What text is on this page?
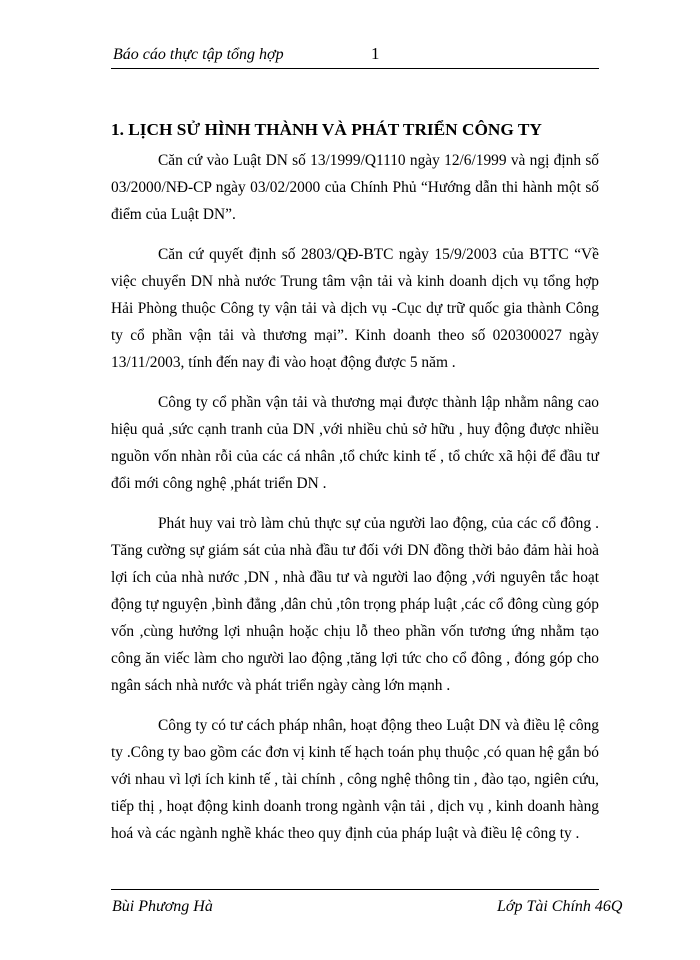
Báo cáo thực tập tổng hợp	1
1. LỊCH SỬ HÌNH THÀNH VÀ PHÁT TRIỂN CÔNG TY

Căn cứ vào Luật DN số 13/1999/Q1110 ngày 12/6/1999 và ngị định số 03/2000/NĐ-CP ngày 03/02/2000 của Chính Phủ “Hướng dẫn thi hành một số điểm của Luật DN”.

Căn cứ quyết định số 2803/QĐ-BTC ngày 15/9/2003 của BTTC “Về việc chuyển DN nhà nước Trung tâm vận tải và kinh doanh dịch vụ tổng hợp Hải Phòng thuộc Công ty vận tải và dịch vụ -Cục dự trữ quốc gia thành Công ty cổ phần vận tải và thương mại”. Kinh doanh theo số 020300027 ngày 13/11/2003, tính đến nay đi vào hoạt động được 5 năm .

Công ty cổ phần vận tải và thương mại được thành lập nhằm nâng cao hiệu quả ,sức cạnh tranh của DN ,với nhiều chủ sở hữu , huy động được nhiều nguồn vốn nhàn rỗi của các cá nhân ,tổ chức kinh tế , tổ chức xã hội để đầu tư đổi mới công nghệ ,phát triển DN .

Phát huy vai trò làm chủ thực sự của người lao động, của các cổ đông . Tăng cường sự giám sát của nhà đầu tư đối với DN đồng thời bảo đảm hài hoà lợi ích của nhà nước ,DN , nhà đầu tư và người lao động ,với nguyên tắc hoạt động tự nguyện ,bình đẳng ,dân chủ ,tôn trọng pháp luật ,các cổ đông cùng góp vốn ,cùng hưởng lợi nhuận hoặc chịu lỗ theo phần vốn tương ứng nhằm tạo công ăn viếc làm cho người lao động ,tăng lợi tức cho cổ đông , đóng góp cho ngân sách nhà nước và phát triển ngày càng lớn mạnh .

Công ty có tư cách pháp nhân, hoạt động theo Luật DN và điều lệ công ty .Công ty bao gồm các đơn vị kinh tế hạch toán phụ thuộc ,có quan hệ gắn bó với nhau vì lợi ích kinh tế , tài chính , công nghệ thông tin , đào tạo, ngiên cứu, tiếp thị , hoạt động kinh doanh trong ngành vận tải , dịch vụ , kinh doanh hàng hoá và các ngành nghề khác theo quy định của pháp luật và điều lệ công ty .

Bùi Phương Hà	Lớp Tài Chính 46Q
